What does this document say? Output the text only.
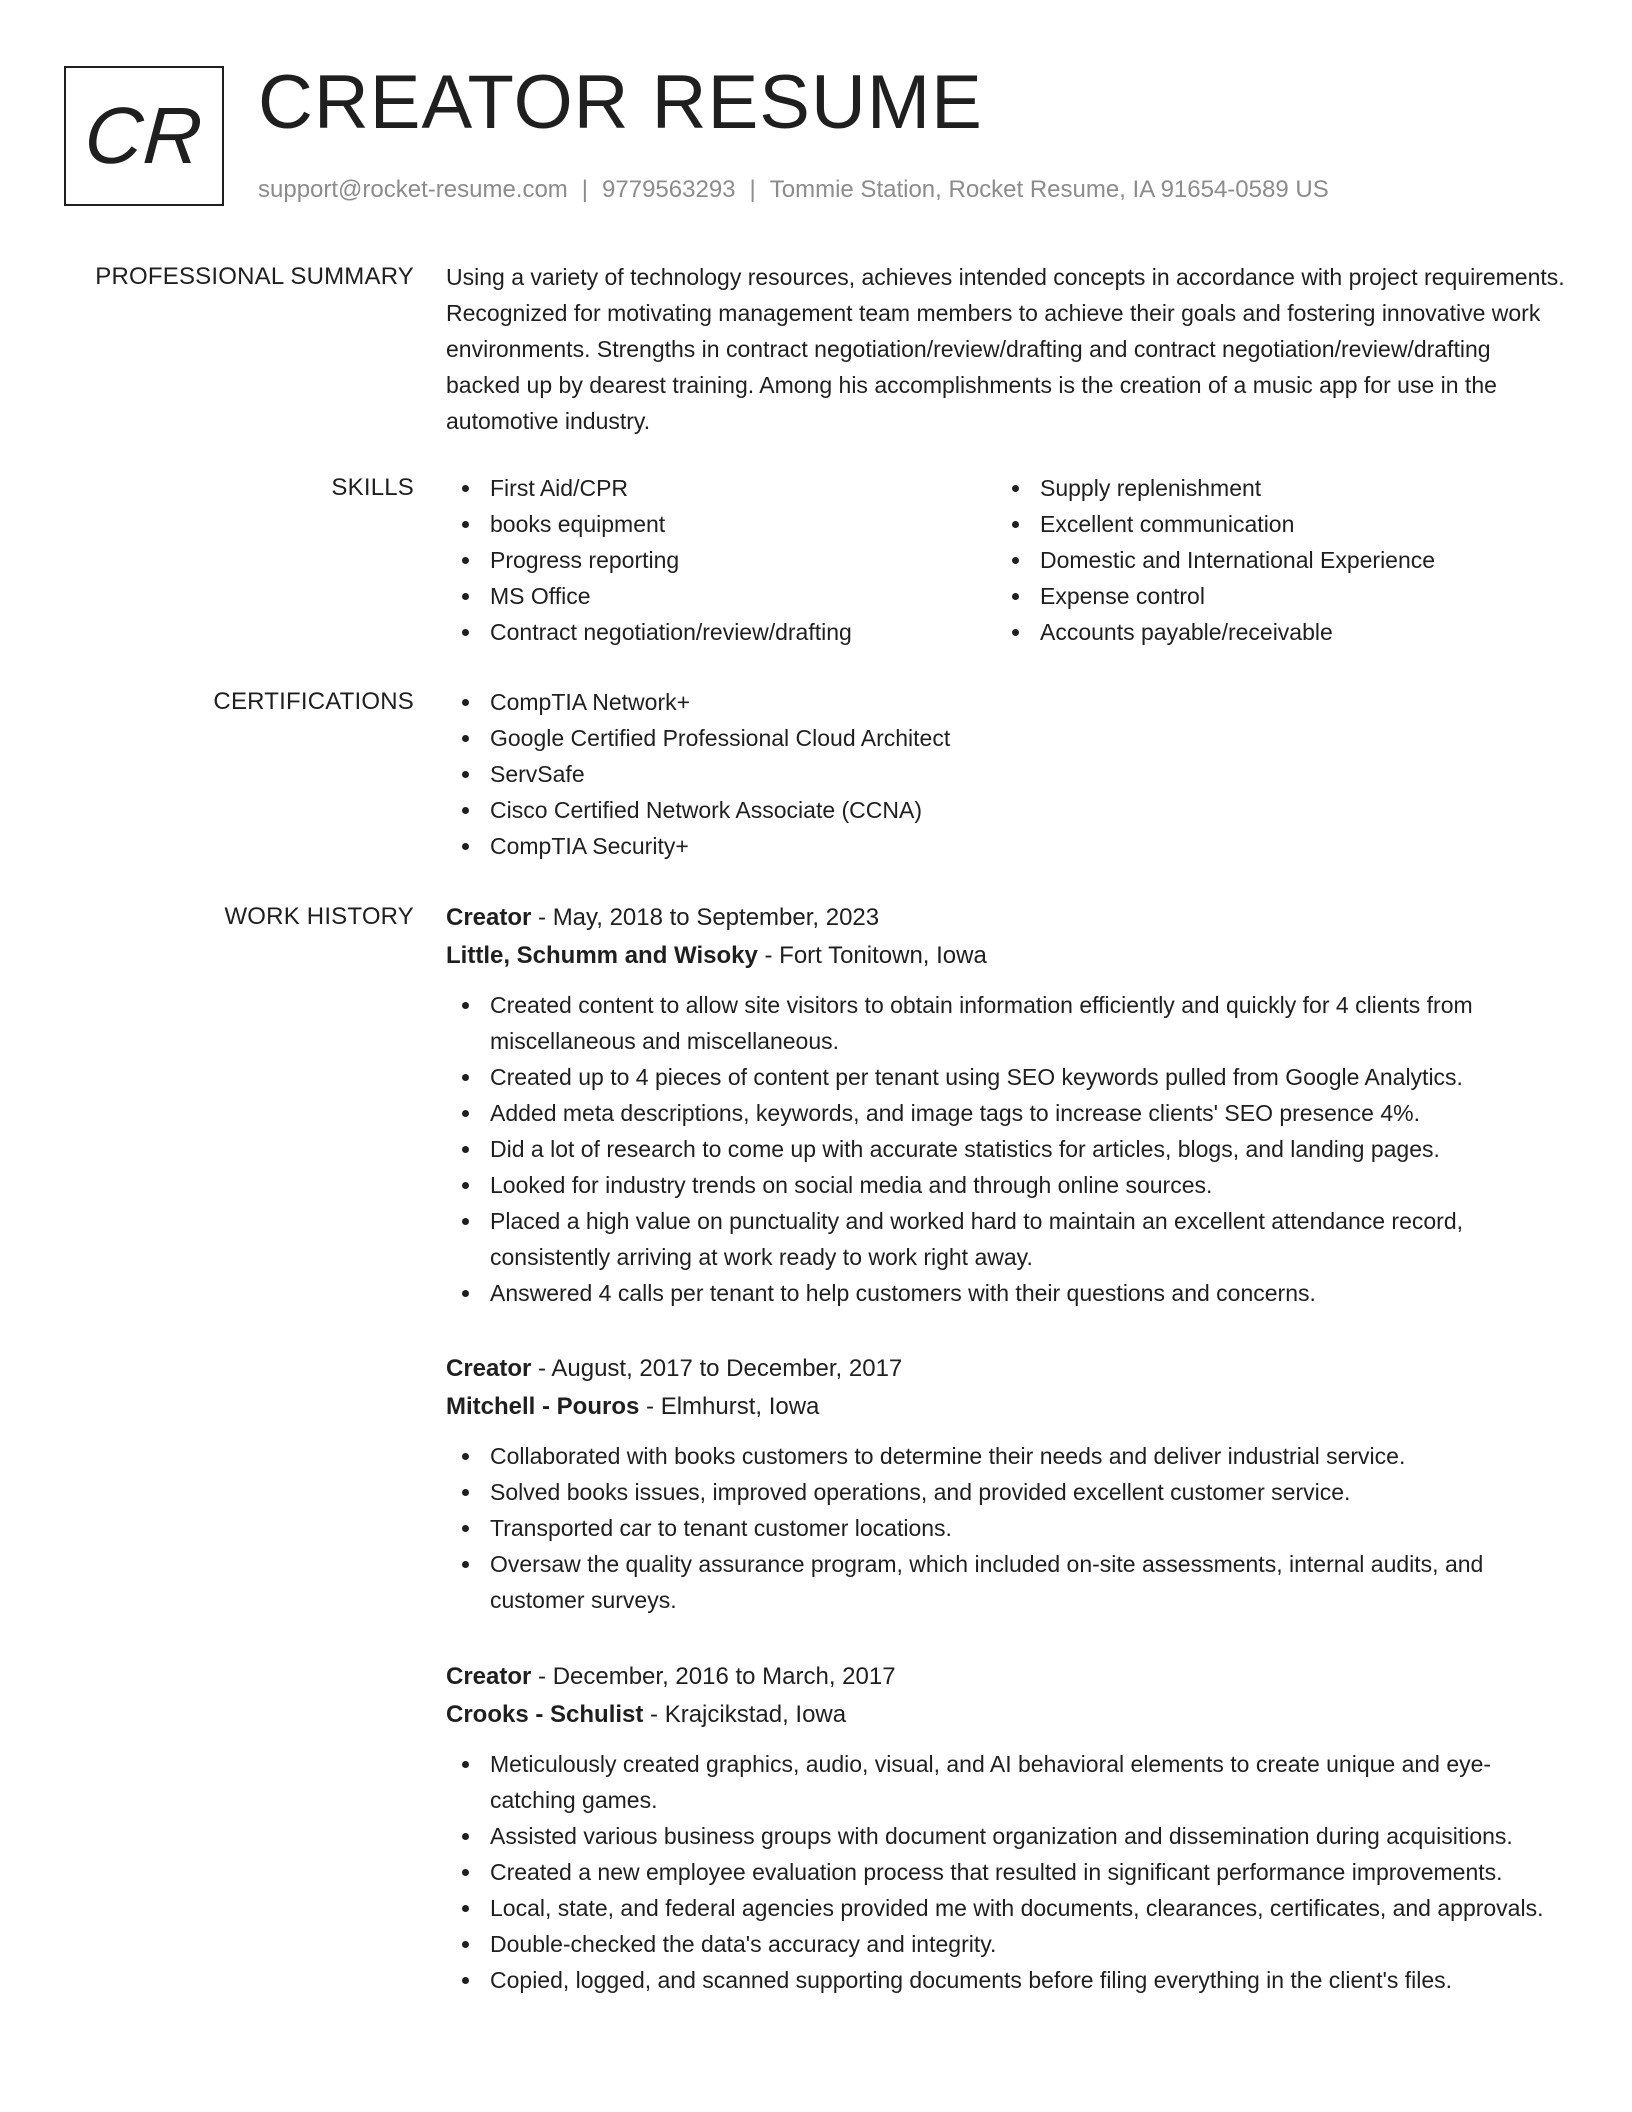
CR CREATOR RESUME
support@rocket-resume.com | 9779563293 | Tommie Station, Rocket Resume, IA 91654-0589 US
PROFESSIONAL SUMMARY Using a variety of technology resources, achieves intended concepts in accordance with project requirements. Recognized for motivating management team members to achieve their goals and fostering innovative work environments. Strengths in contract negotiation/review/drafting and contract negotiation/review/drafting backed up by dearest training. Among his accomplishments is the creation of a music app for use in the automotive industry.

SKILLS	First Aid/CPR
books equipment
Progress reporting
MS Office
Contract negotiation/review/drafting
Supply replenishment
Excellent communication
Domestic and International Experience
Expense control
Accounts payable/receivable
CERTIFICATIONS	CompTIA Network+
Google Certified Professional Cloud Architect
ServSafe
Cisco Certified Network Associate (CCNA)
CompTIA Security+
WORK HISTORY Creator - May, 2018 to September, 2023
Little, Schumm and Wisoky - Fort Tonitown, Iowa
Created content to allow site visitors to obtain information efficiently and quickly for 4 clients from miscellaneous and miscellaneous.
Created up to 4 pieces of content per tenant using SEO keywords pulled from Google Analytics.
Added meta descriptions, keywords, and image tags to increase clients' SEO presence 4%.
Did a lot of research to come up with accurate statistics for articles, blogs, and landing pages.
Looked for industry trends on social media and through online sources.
Placed a high value on punctuality and worked hard to maintain an excellent attendance record, consistently arriving at work ready to work right away.
Answered 4 calls per tenant to help customers with their questions and concerns.
Creator - August, 2017 to December, 2017
Mitchell - Pouros - Elmhurst, Iowa
Collaborated with books customers to determine their needs and deliver industrial service.
Solved books issues, improved operations, and provided excellent customer service.
Transported car to tenant customer locations.
Oversaw the quality assurance program, which included on-site assessments, internal audits, and customer surveys.
Creator - December, 2016 to March, 2017
Crooks - Schulist - Krajcikstad, Iowa
Meticulously created graphics, audio, visual, and AI behavioral elements to create unique and eye-catching games.
Assisted various business groups with document organization and dissemination during acquisitions.
Created a new employee evaluation process that resulted in significant performance improvements.
Local, state, and federal agencies provided me with documents, clearances, certificates, and approvals.
Double-checked the data's accuracy and integrity.
Copied, logged, and scanned supporting documents before filing everything in the client's files.
